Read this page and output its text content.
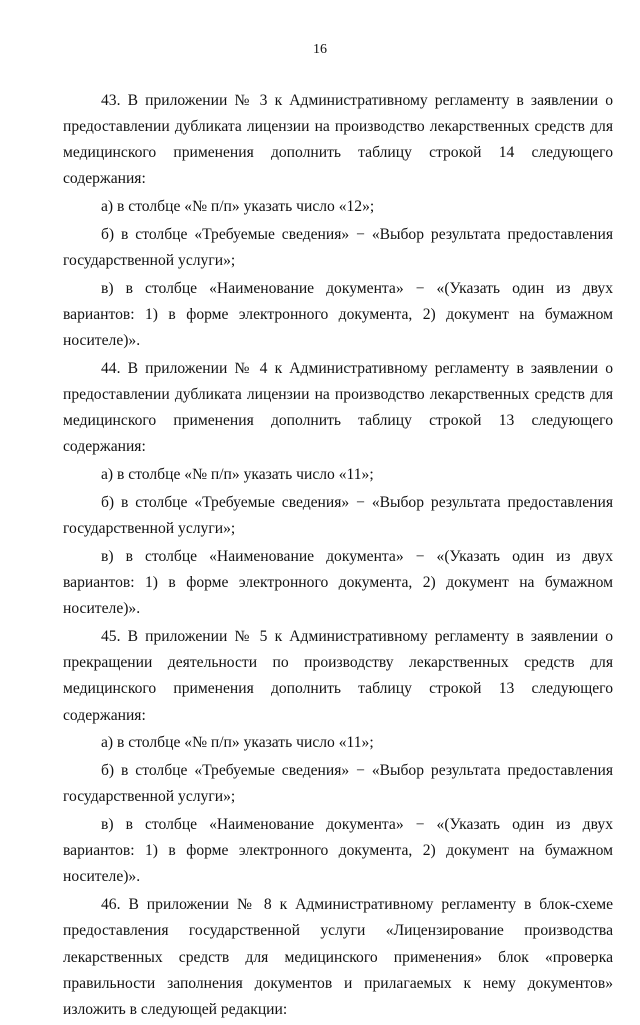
16

43. В приложении № 3 к Административному регламенту в заявлении о предоставлении дубликата лицензии на производство лекарственных средств для медицинского применения дополнить таблицу строкой 14 следующего содержания:

а) в столбце «№ п/п» указать число «12»;

б) в столбце «Требуемые сведения» − «Выбор результата предоставления государственной услуги»;

в) в столбце «Наименование документа» − «(Указать один из двух вариантов: 1) в форме электронного документа, 2) документ на бумажном носителе)».

44. В приложении № 4 к Административному регламенту в заявлении о предоставлении дубликата лицензии на производство лекарственных средств для медицинского применения дополнить таблицу строкой 13 следующего содержания:

а) в столбце «№ п/п» указать число «11»;

б) в столбце «Требуемые сведения» − «Выбор результата предоставления государственной услуги»;

в) в столбце «Наименование документа» − «(Указать один из двух вариантов: 1) в форме электронного документа, 2) документ на бумажном носителе)».

45. В приложении № 5 к Административному регламенту в заявлении о прекращении деятельности по производству лекарственных средств для медицинского применения дополнить таблицу строкой 13 следующего содержания:

а) в столбце «№ п/п» указать число «11»;

б) в столбце «Требуемые сведения» − «Выбор результата предоставления государственной услуги»;

в) в столбце «Наименование документа» − «(Указать один из двух вариантов: 1) в форме электронного документа, 2) документ на бумажном носителе)».

46. В приложении № 8 к Административному регламенту в блок-схеме предоставления государственной услуги «Лицензирование производства лекарственных средств для медицинского применения» блок «проверка правильности заполнения документов и прилагаемых к нему документов» изложить в следующей редакции:
